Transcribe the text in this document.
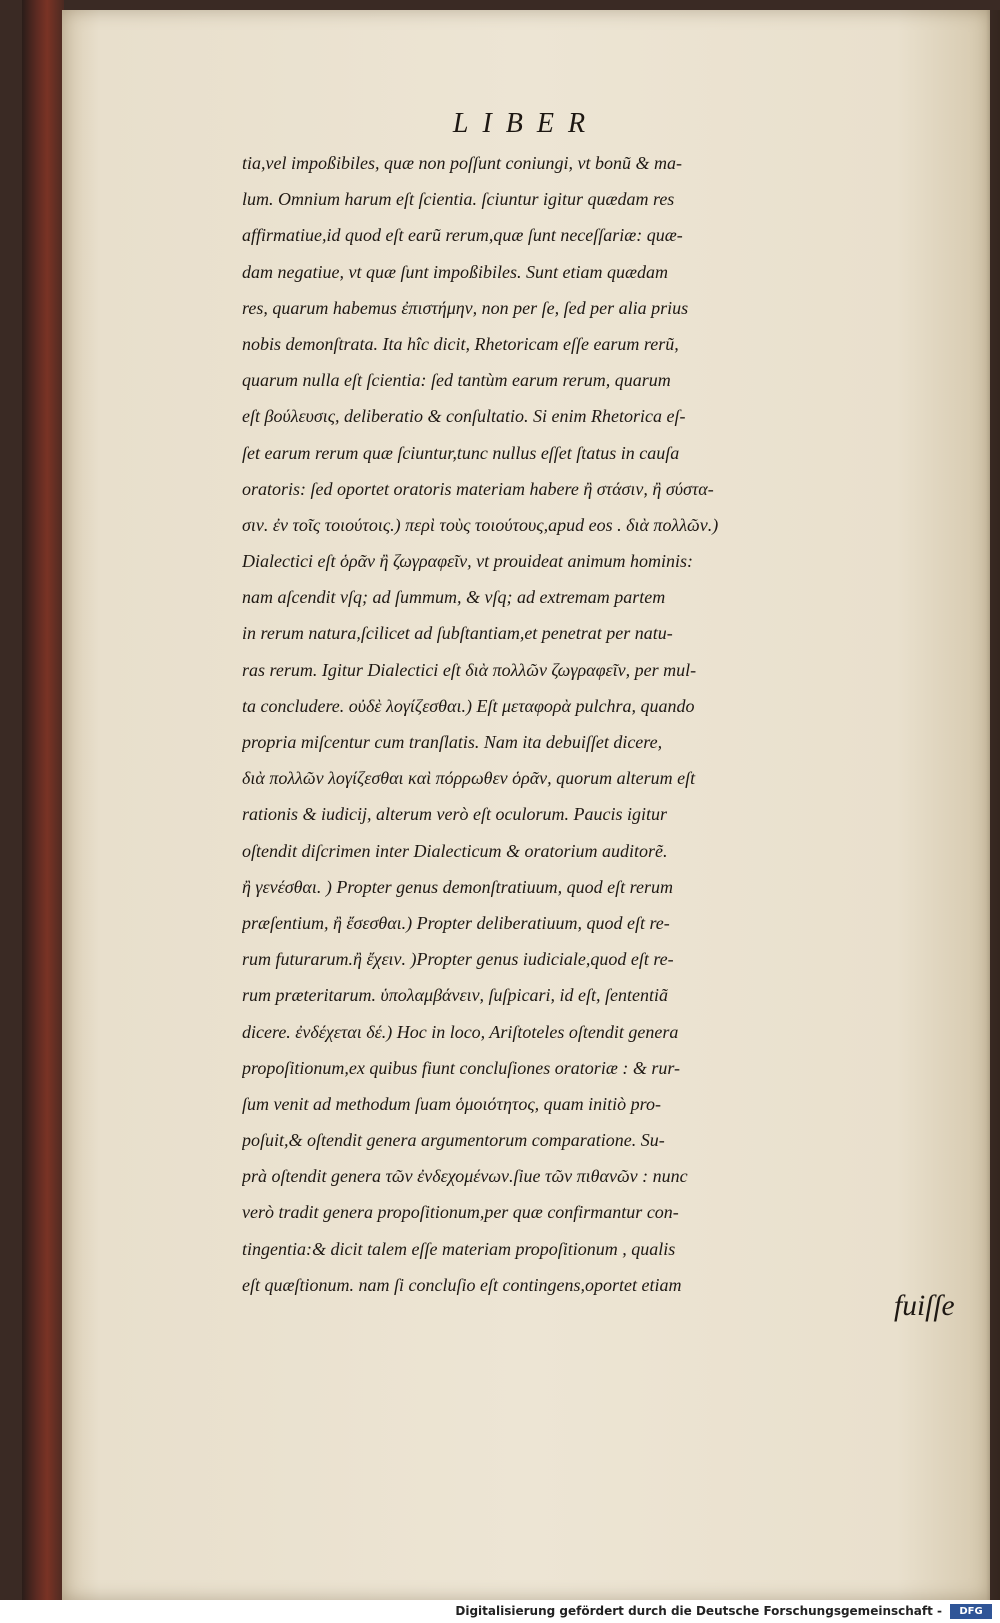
LIBER
tia,vel impoßibiles, quæ non poſſunt coniungi, vt bonũ & ma-
lum. Omnium harum eſt ſcientia. ſciuntur igitur quædam res
affirmatiue,id quod eſt earũ rerum,quæ ſunt neceſſariæ: quæ-
dam negatiue, vt quæ ſunt impoßibiles. Sunt etiam quædam
res, quarum habemus ἐπιστήμην, non per ſe, ſed per alia prius
nobis demonſtrata. Ita hîc dicit, Rhetoricam eſſe earum rerũ,
quarum nulla eſt ſcientia: ſed tantùm earum rerum, quarum
eſt βούλευσις, deliberatio & conſultatio. Si enim Rhetorica eſ-
ſet earum rerum quæ ſciuntur,tunc nullus eſſet ſtatus in cauſa
oratoris: ſed oportet oratoris materiam habere ἢ στάσιν, ἢ σύστα-
σιν. ἐν τοῖς τοιούτοις.) περὶ τοὺς τοιούτους,apud eos . διὰ πολλῶν.)
Dialectici eſt ὁρᾶν ἢ ζωγραφεῖν, vt prouideat animum hominis:
nam aſcendit vſq; ad ſummum, & vſq; ad extremam partem
in rerum natura,ſcilicet ad ſubſtantiam,et penetrat per natu-
ras rerum. Igitur Dialectici eſt διὰ πολλῶν ζωγραφεῖν, per mul-
ta concludere. οὐδὲ λογίζεσθαι.) Eſt μεταφορὰ pulchra, quando
propria miſcentur cum tranſlatis. Nam ita debuiſſet dicere,
διὰ πολλῶν λογίζεσθαι καὶ πόρρωθεν ὁρᾶν, quorum alterum eſt
rationis & iudicij, alterum verò eſt oculorum. Paucis igitur
oſtendit diſcrimen inter Dialecticum & oratorium auditorẽ.
ἢ γενέσθαι. ) Propter genus demonſtratiuum, quod eſt rerum
præſentium, ἢ ἔσεσθαι.) Propter deliberatiuum, quod eſt re-
rum futurarum.ἢ ἔχειν. )Propter genus iudiciale,quod eſt re-
rum præteritarum. ὑπολαμβάνειν, ſuſpicari, id eſt, ſententiã
dicere. ἐνδέχεται δέ.) Hoc in loco, Ariſtoteles oſtendit genera
propoſitionum,ex quibus fiunt concluſiones oratoriæ : & rur-
ſum venit ad methodum ſuam ὁμοιότητος, quam initiò pro-
poſuit,& oſtendit genera argumentorum comparatione. Su-
prà oſtendit genera τῶν ἐνδεχομένων.ſiue τῶν πιθανῶν : nunc
verò tradit genera propoſitionum,per quæ confirmantur con-
tingentia:& dicit talem eſſe materiam propoſitionum , qualis
eſt quæſtionum. nam ſi concluſio eſt contingens,oportet etiam
fuiſſe
Digitalisierung gefördert durch die Deutsche Forschungsgemeinschaft -	DFG
